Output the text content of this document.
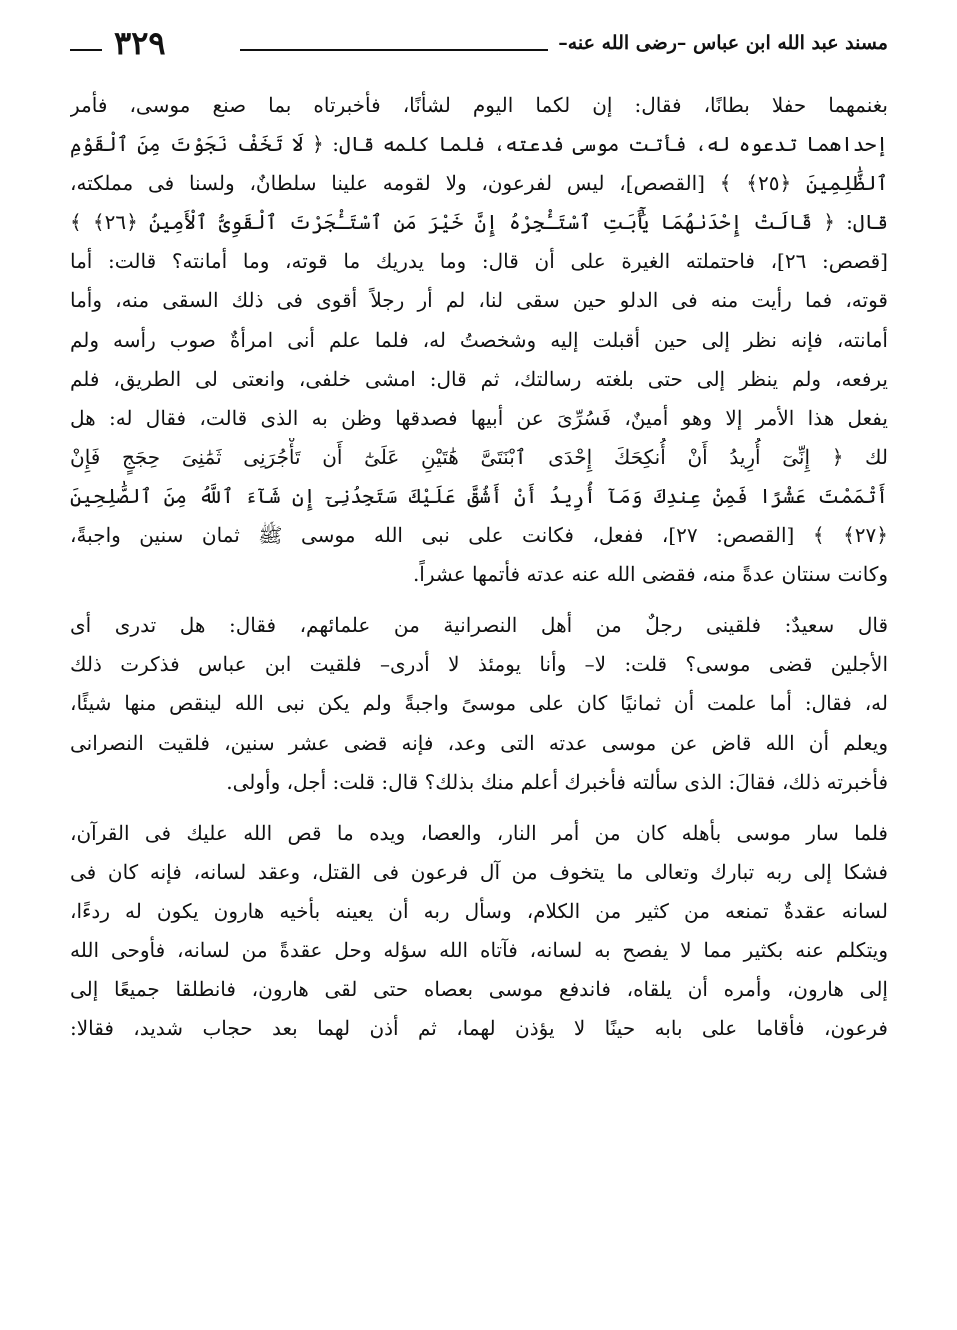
مسند عبد الله ابن عباس –رضى الله عنه–
٣٢٩

بغنمهما حفلا بطانًا، فقال: إن لكما اليوم لشأنًا، فأخبرتاه بما صنع موسى، فأمر
إحداهما تدعوه له، فأتت موسى فدعته، فلما كلمه قال: ﴿ لَا تَخَفْ نَجَوْتَ مِنَ ٱلْقَوْمِ
ٱلظَّٰلِمِينَ ﴿٢٥﴾ ﴾ [القصص]، ليس لفرعون، ولا لقومه علينا سلطانٌ، ولسنا فى مملكته،
قال: ﴿ قَالَتْ إِحْدَىٰهُمَا يَٰٓأَبَتِ ٱسْتَـْٔجِرْهُ إِنَّ خَيْرَ مَنِ ٱسْتَـْٔجَرْتَ ٱلْقَوِىُّ ٱلْأَمِينُ ﴿٢٦﴾ ﴾
[قصص: ٢٦]، فاحتملته الغيرة على أن قال: وما يدريك ما قوته، وما أمانته؟ قالت: أما
قوته، فما رأيت منه فى الدلو حين سقى لنا، لم أر رجلاً أقوى فى ذلك السقى منه، وأما
أمانته، فإنه نظر إلى حين أقبلت إليه وشخصتُ له، فلما علم أنى امرأةٌ صوب رأسه ولم
يرفعه، ولم ينظر إلى حتى بلغته رسالتك، ثم قال: امشى خلفى، وانعتى لى الطريق، فلم
يفعل هذا الأمر إلا وهو أمينٌ، فَسُرِّىَ عن أبيها فصدقها وظن به الذى قالت، فقال له: هل
لك ﴿ إِنِّىٓ أُرِيدُ أَنْ أُنكِحَكَ إِحْدَى ٱبْنَتَىَّ هَٰتَيْنِ عَلَىٰٓ أَن تَأْجُرَنِى ثَمَٰنِىَ حِجَجٍ فَإِنْ
أَتْمَمْتَ عَشْرًا فَمِنْ عِندِكَ وَمَآ أُرِيدُ أَنْ أَشُقَّ عَلَيْكَ سَتَجِدُنِىٓ إِن شَآءَ ٱللَّهُ مِنَ ٱلصَّٰلِحِينَ
﴿٢٧﴾ ﴾ [القصص: ٢٧]، ففعل، فكانت على نبى الله موسى ﷺ ثمان سنين واجبةً،
وكانت سنتان عدةً منه، فقضى الله عنه عدته فأتمها عشراً.

قال سعيدٌ: فلقينى رجلٌ من أهل النصرانية من علمائهم، فقال: هل تدرى أى
الأجلين قضى موسى؟ قلت: لا– وأنا يومئذ لا أدرى– فلقيت ابن عباس فذكرت ذلك
له، فقال: أما علمت أن ثمانيًا كان على موسىً واجبةً ولم يكن نبى الله لينقص منها شيئًا،
ويعلم أن الله قاض عن موسى عدته التى وعد، فإنه قضى عشر سنين، فلقيت النصرانى
فأخبرته ذلك، فقالَ: الذى سألته فأخبرك أعلم منك بذلك؟ قال: قلت: أجل، وأولى.

فلما سار موسى بأهله كان من أمر النار، والعصا، ويده ما قص الله عليك فى القرآن،
فشكا إلى ربه تبارك وتعالى ما يتخوف من آل فرعون فى القتل، وعقد لسانه، فإنه كان فى
لسانه عقدةٌ تمنعه من كثير من الكلام، وسأل ربه أن يعينه بأخيه هارون يكون له ردءًا،
ويتكلم عنه بكثير مما لا يفصح به لسانه، فآتاه الله سؤله وحل عقدةً من لسانه، فأوحى الله
إلى هارون، وأمره أن يلقاه، فاندفع موسى بعصاه حتى لقى هارون، فانطلقا جميعًا إلى
فرعون، فأقاما على بابه حينًا لا يؤذن لهما، ثم أذن لهما بعد حجاب شديد، فقالا:
